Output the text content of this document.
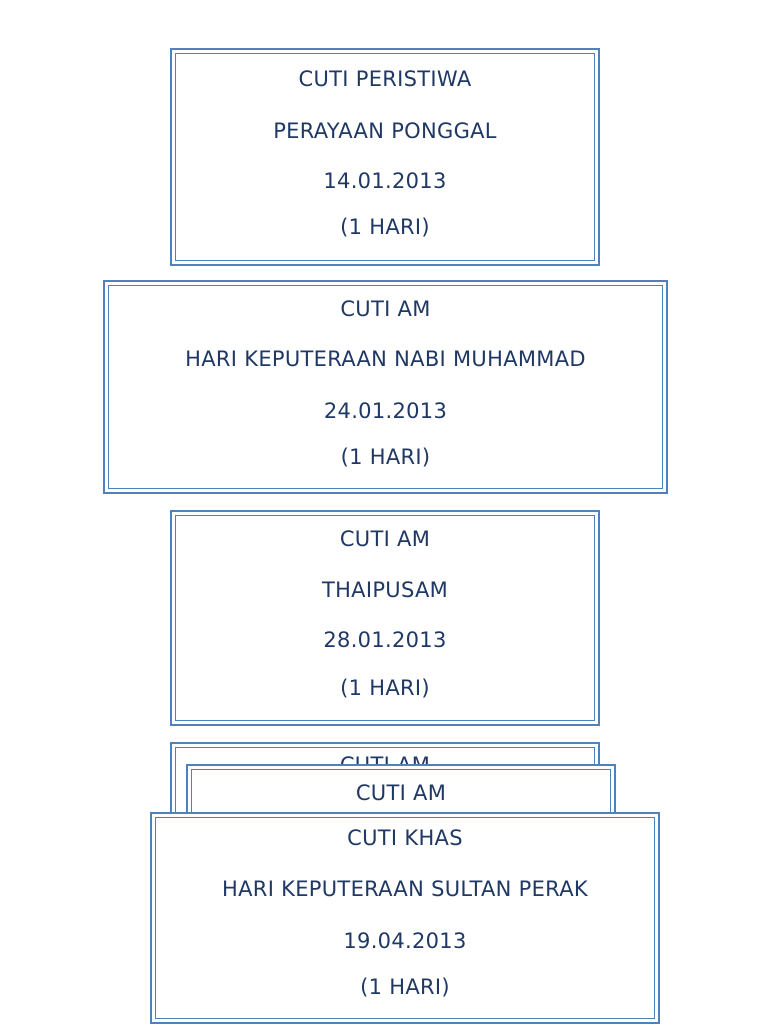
CUTI PERISTIWA
PERAYAAN PONGGAL
14.01.2013
(1 HARI)
CUTI AM
HARI KEPUTERAAN NABI MUHAMMAD
24.01.2013
(1 HARI)
CUTI AM
THAIPUSAM
28.01.2013
(1 HARI)
CUTI AM
CUTI KHAS
HARI KEPUTERAAN SULTAN PERAK
19.04.2013
(1 HARI)
